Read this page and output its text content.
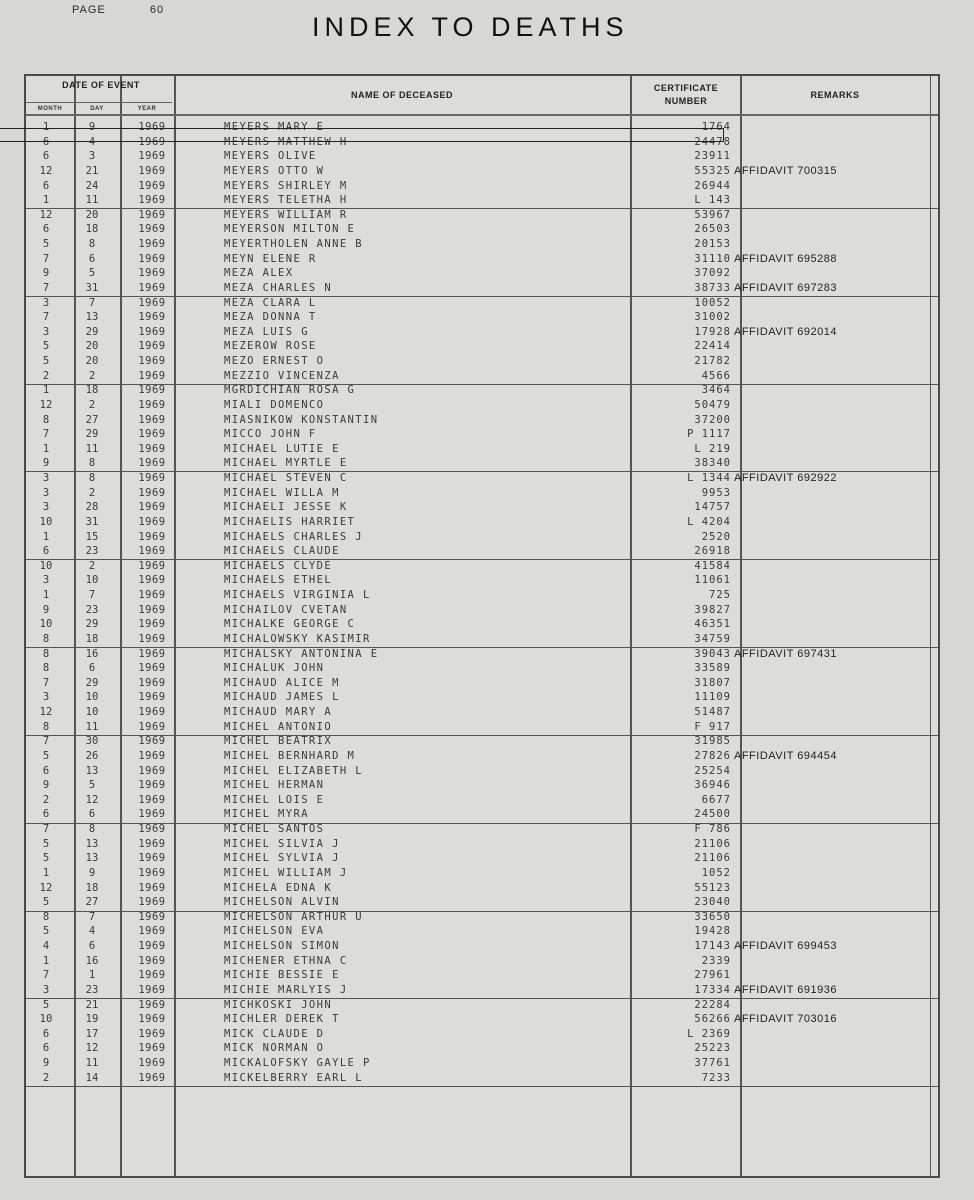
PAGE	60
INDEX TO DEATHS
DATE OF EVENT
MONTH	DAY	YEAR
NAME OF DECEASED
CERTIFICATE NUMBER
REMARKS
1	9	1969	MEYERS MARY E	1764
6	4	1969	MEYERS MATTHEW H	24478
6	3	1969	MEYERS OLIVE	23911
12	21	1969	MEYERS OTTO W	55325 AFFIDAVIT 700315
6	24	1969	MEYERS SHIRLEY M	26944
1	11	1969	MEYERS TELETHA H	L 143
12	20	1969	MEYERS WILLIAM R	53967
6	18	1969	MEYERSON MILTON E	26503
5	8	1969	MEYERTHOLEN ANNE B	20153
7	6	1969	MEYN ELENE R	31110 AFFIDAVIT 695288
9	5	1969	MEZA ALEX	37092
7	31	1969	MEZA CHARLES N	38733 AFFIDAVIT 697283
3	7	1969	MEZA CLARA L	10052
7	13	1969	MEZA DONNA T	31002
3	29	1969	MEZA LUIS G	17928 AFFIDAVIT 692014
5	20	1969	MEZEROW ROSE	22414
5	20	1969	MEZO ERNEST O	21782
2	2	1969	MEZZIO VINCENZA	4566
1	18	1969	MGRDICHIAN ROSA G	3464
12	2	1969	MIALI DOMENCO	50479
8	27	1969	MIASNIKOW KONSTANTIN	37200
7	29	1969	MICCO JOHN F	P 1117
1	11	1969	MICHAEL LUTIE E	L 219
9	8	1969	MICHAEL MYRTLE E	38340
3	8	1969	MICHAEL STEVEN C	L 1344 AFFIDAVIT 692922
3	2	1969	MICHAEL WILLA M	9953
3	28	1969	MICHAELI JESSE K	14757
10	31	1969	MICHAELIS HARRIET	L 4204
1	15	1969	MICHAELS CHARLES J	2520
6	23	1969	MICHAELS CLAUDE	26918
10	2	1969	MICHAELS CLYDE	41584
3	10	1969	MICHAELS ETHEL	11061
1	7	1969	MICHAELS VIRGINIA L	725
9	23	1969	MICHAILOV CVETAN	39827
10	29	1969	MICHALKE GEORGE C	46351
8	18	1969	MICHALOWSKY KASIMIR	34759
8	16	1969	MICHALSKY ANTONINA E	39043 AFFIDAVIT 697431
8	6	1969	MICHALUK JOHN	33589
7	29	1969	MICHAUD ALICE M	31807
3	10	1969	MICHAUD JAMES L	11109
12	10	1969	MICHAUD MARY A	51487
8	11	1969	MICHEL ANTONIO	F 917
7	30	1969	MICHEL BEATRIX	31985
5	26	1969	MICHEL BERNHARD M	27826 AFFIDAVIT 694454
6	13	1969	MICHEL ELIZABETH L	25254
9	5	1969	MICHEL HERMAN	36946
2	12	1969	MICHEL LOIS E	6677
6	6	1969	MICHEL MYRA	24500
7	8	1969	MICHEL SANTOS	F 786
5	13	1969	MICHEL SILVIA J	21106
5	13	1969	MICHEL SYLVIA J	21106
1	9	1969	MICHEL WILLIAM J	1052
12	18	1969	MICHELA EDNA K	55123
5	27	1969	MICHELSON ALVIN	23040
8	7	1969	MICHELSON ARTHUR U	33650
5	4	1969	MICHELSON EVA	19428
4	6	1969	MICHELSON SIMON	17143 AFFIDAVIT 699453
1	16	1969	MICHENER ETHNA C	2339
7	1	1969	MICHIE BESSIE E	27961
3	23	1969	MICHIE MARLYIS J	17334 AFFIDAVIT 691936
5	21	1969	MICHKOSKI JOHN	22284
10	19	1969	MICHLER DEREK T	56266 AFFIDAVIT 703016
6	17	1969	MICK CLAUDE D	L 2369
6	12	1969	MICK NORMAN O	25223
9	11	1969	MICKALOFSKY GAYLE P	37761
2	14	1969	MICKELBERRY EARL L	7233
